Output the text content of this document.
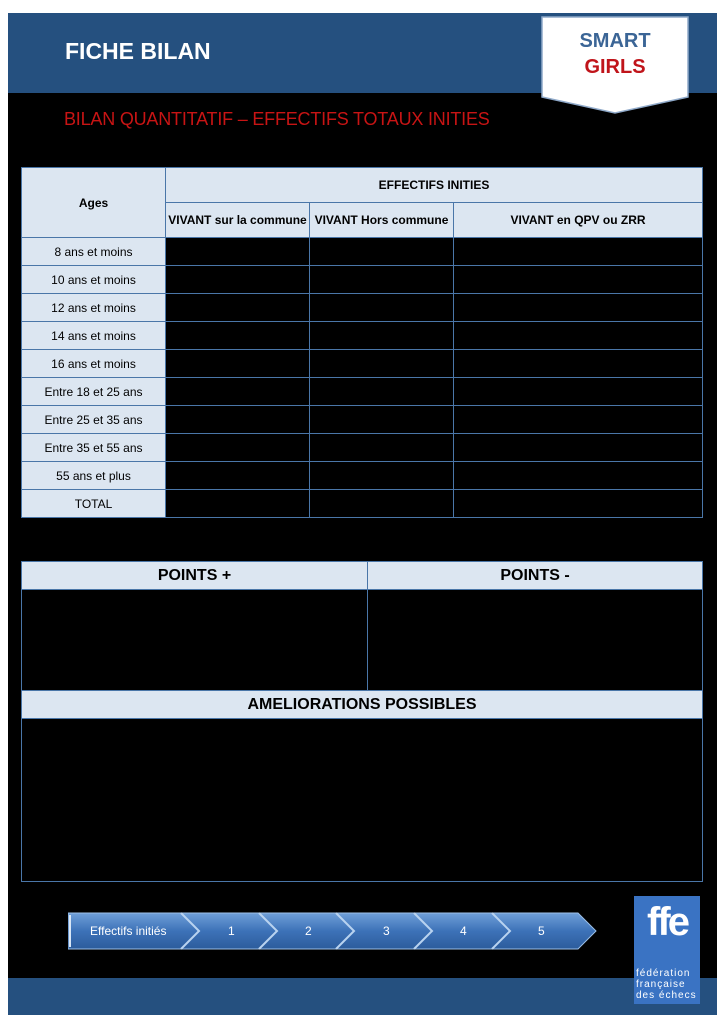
FICHE BILAN	SMART
GIRLS
BILAN QUANTITATIF – EFFECTIFS TOTAUX INITIES
Ages	EFFECTIFS INITIES		
	VIVANT sur la commune	VIVANT Hors commune	VIVANT en QPV ou ZRR
8 ans et moins			
10 ans et moins			
12 ans et moins			
14 ans et moins			
16 ans et moins			
Entre 18 et 25 ans			
Entre 25 et 35 ans			
Entre 35 et 55 ans			
55 ans et plus			
TOTAL			
POINTS +	POINTS -

AMELIORATIONS POSSIBLES	

Effectifs initiés	1	2	3	4	5	ffe
fédération
française
des échecs
